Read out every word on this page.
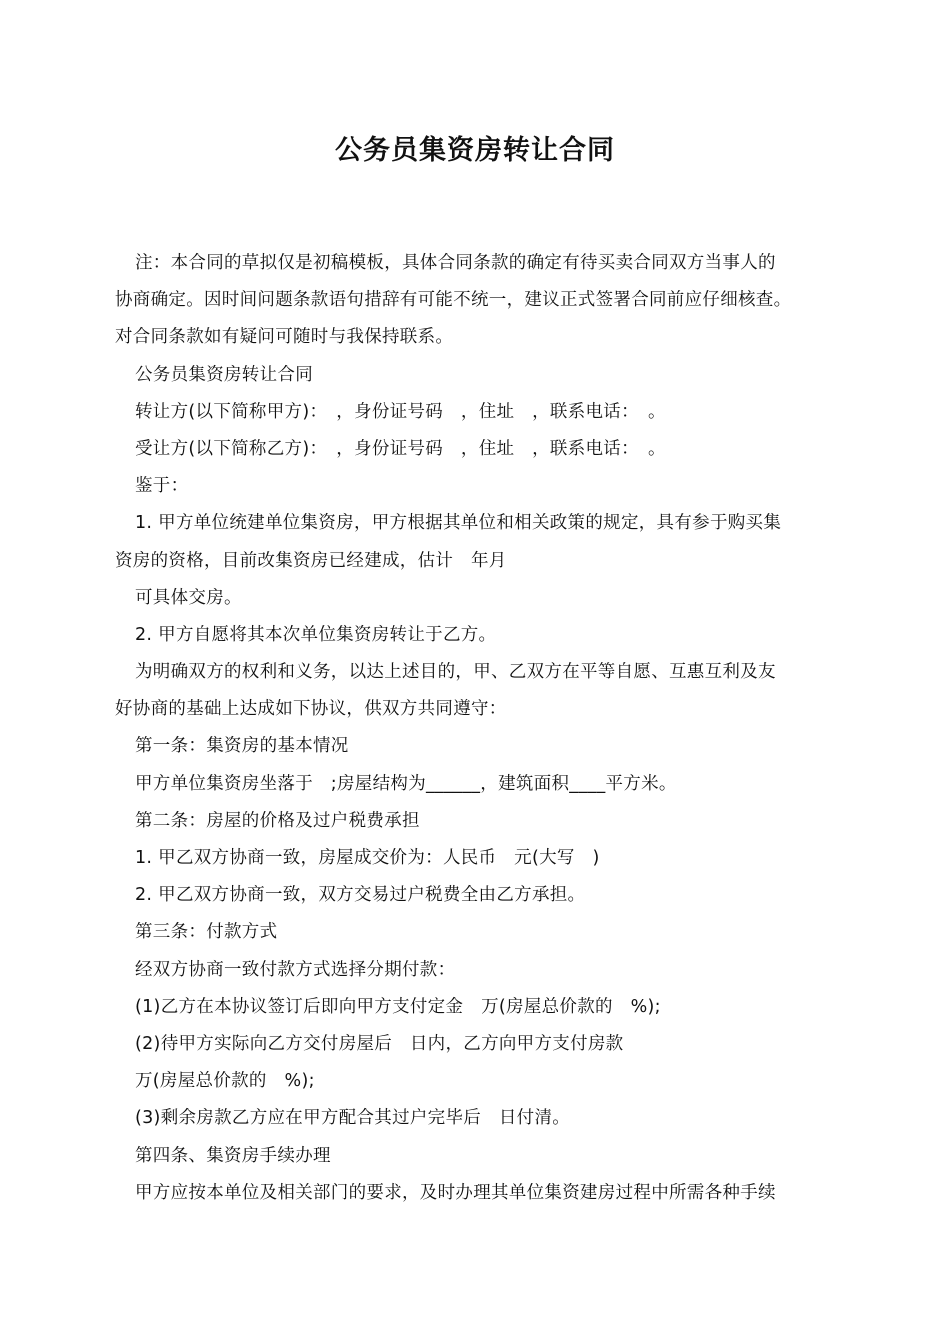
公务员集资房转让合同
注：本合同的草拟仅是初稿模板，具体合同条款的确定有待买卖合同双方当事人的
协商确定。因时间问题条款语句措辞有可能不统一，建议正式签署合同前应仔细核查。
对合同条款如有疑问可随时与我保持联系。
公务员集资房转让合同
转让方(以下简称甲方)：　，身份证号码　，住址　，联系电话：　。
受让方(以下简称乙方)：　，身份证号码　，住址　，联系电话：　。
鉴于：
1. 甲方单位统建单位集资房，甲方根据其单位和相关政策的规定，具有参于购买集
资房的资格，目前改集资房已经建成，估计　年月
可具体交房。
2. 甲方自愿将其本次单位集资房转让于乙方。
为明确双方的权利和义务，以达上述目的，甲、乙双方在平等自愿、互惠互利及友
好协商的基础上达成如下协议，供双方共同遵守：
第一条：集资房的基本情况
甲方单位集资房坐落于　;房屋结构为______，建筑面积____平方米。
第二条：房屋的价格及过户税费承担
1. 甲乙双方协商一致，房屋成交价为：人民币　元(大写　)
2. 甲乙双方协商一致，双方交易过户税费全由乙方承担。
第三条：付款方式
经双方协商一致付款方式选择分期付款：
(1)乙方在本协议签订后即向甲方支付定金　万(房屋总价款的　%);
(2)待甲方实际向乙方交付房屋后　日内，乙方向甲方支付房款
万(房屋总价款的　%);
(3)剩余房款乙方应在甲方配合其过户完毕后　日付清。
第四条、集资房手续办理
甲方应按本单位及相关部门的要求，及时办理其单位集资建房过程中所需各种手续
